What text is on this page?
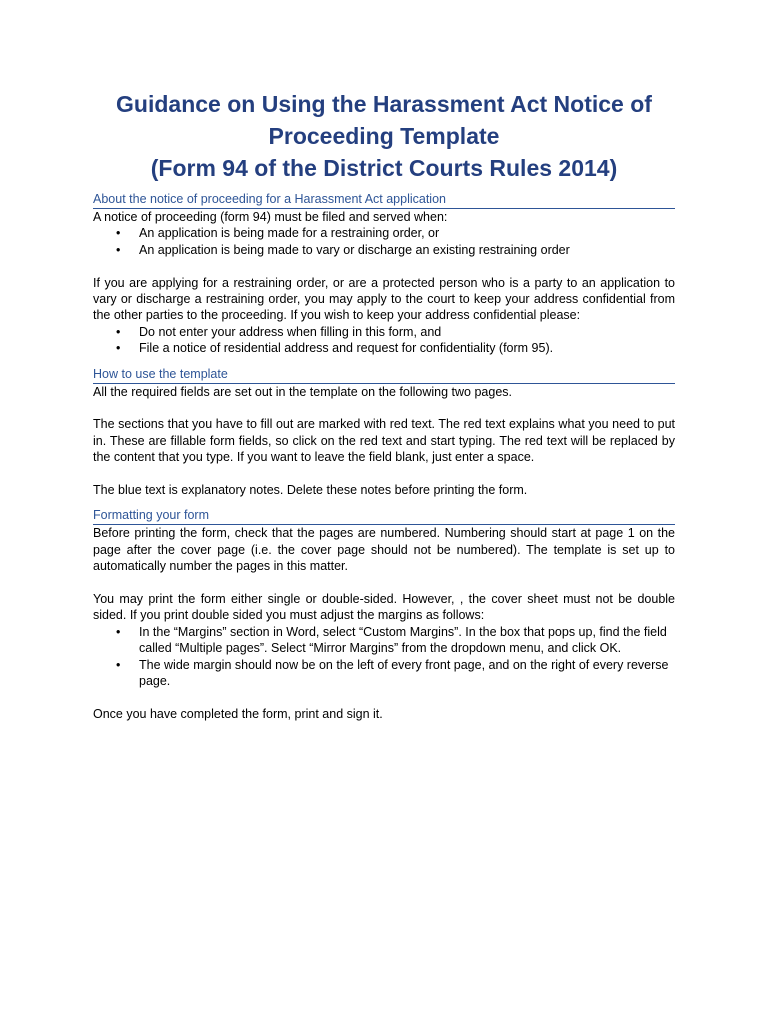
Guidance on Using the Harassment Act Notice of
Proceeding Template
(Form 94 of the District Courts Rules 2014)
About the notice of proceeding for a Harassment Act application

A notice of proceeding (form 94) must be filed and served when:

• An application is being made for a restraining order, or
• An application is being made to vary or discharge an existing restraining order

If you are applying for a restraining order, or are a protected person who is a party to an application to vary or discharge a restraining order, you may apply to the court to keep your address confidential from the other parties to the proceeding. If you wish to keep your address confidential please:

• Do not enter your address when filling in this form, and
• File a notice of residential address and request for confidentiality (form 95).
How to use the template

All the required fields are set out in the template on the following two pages.

The sections that you have to fill out are marked with red text. The red text explains what you need to put in. These are fillable form fields, so click on the red text and start typing. The red text will be replaced by the content that you type. If you want to leave the field blank, just enter a space.

The blue text is explanatory notes. Delete these notes before printing the form.

Formatting your form

Before printing the form, check that the pages are numbered. Numbering should start at page 1 on the page after the cover page (i.e. the cover page should not be numbered). The template is set up to automatically number the pages in this matter.

You may print the form either single or double-sided. However, , the cover sheet must not be double sided. If you print double sided you must adjust the margins as follows:

• In the “Margins” section in Word, select “Custom Margins”. In the box that pops up, find the field called “Multiple pages”. Select “Mirror Margins” from the dropdown menu, and click OK.
• The wide margin should now be on the left of every front page, and on the right of every reverse page.

Once you have completed the form, print and sign it.
